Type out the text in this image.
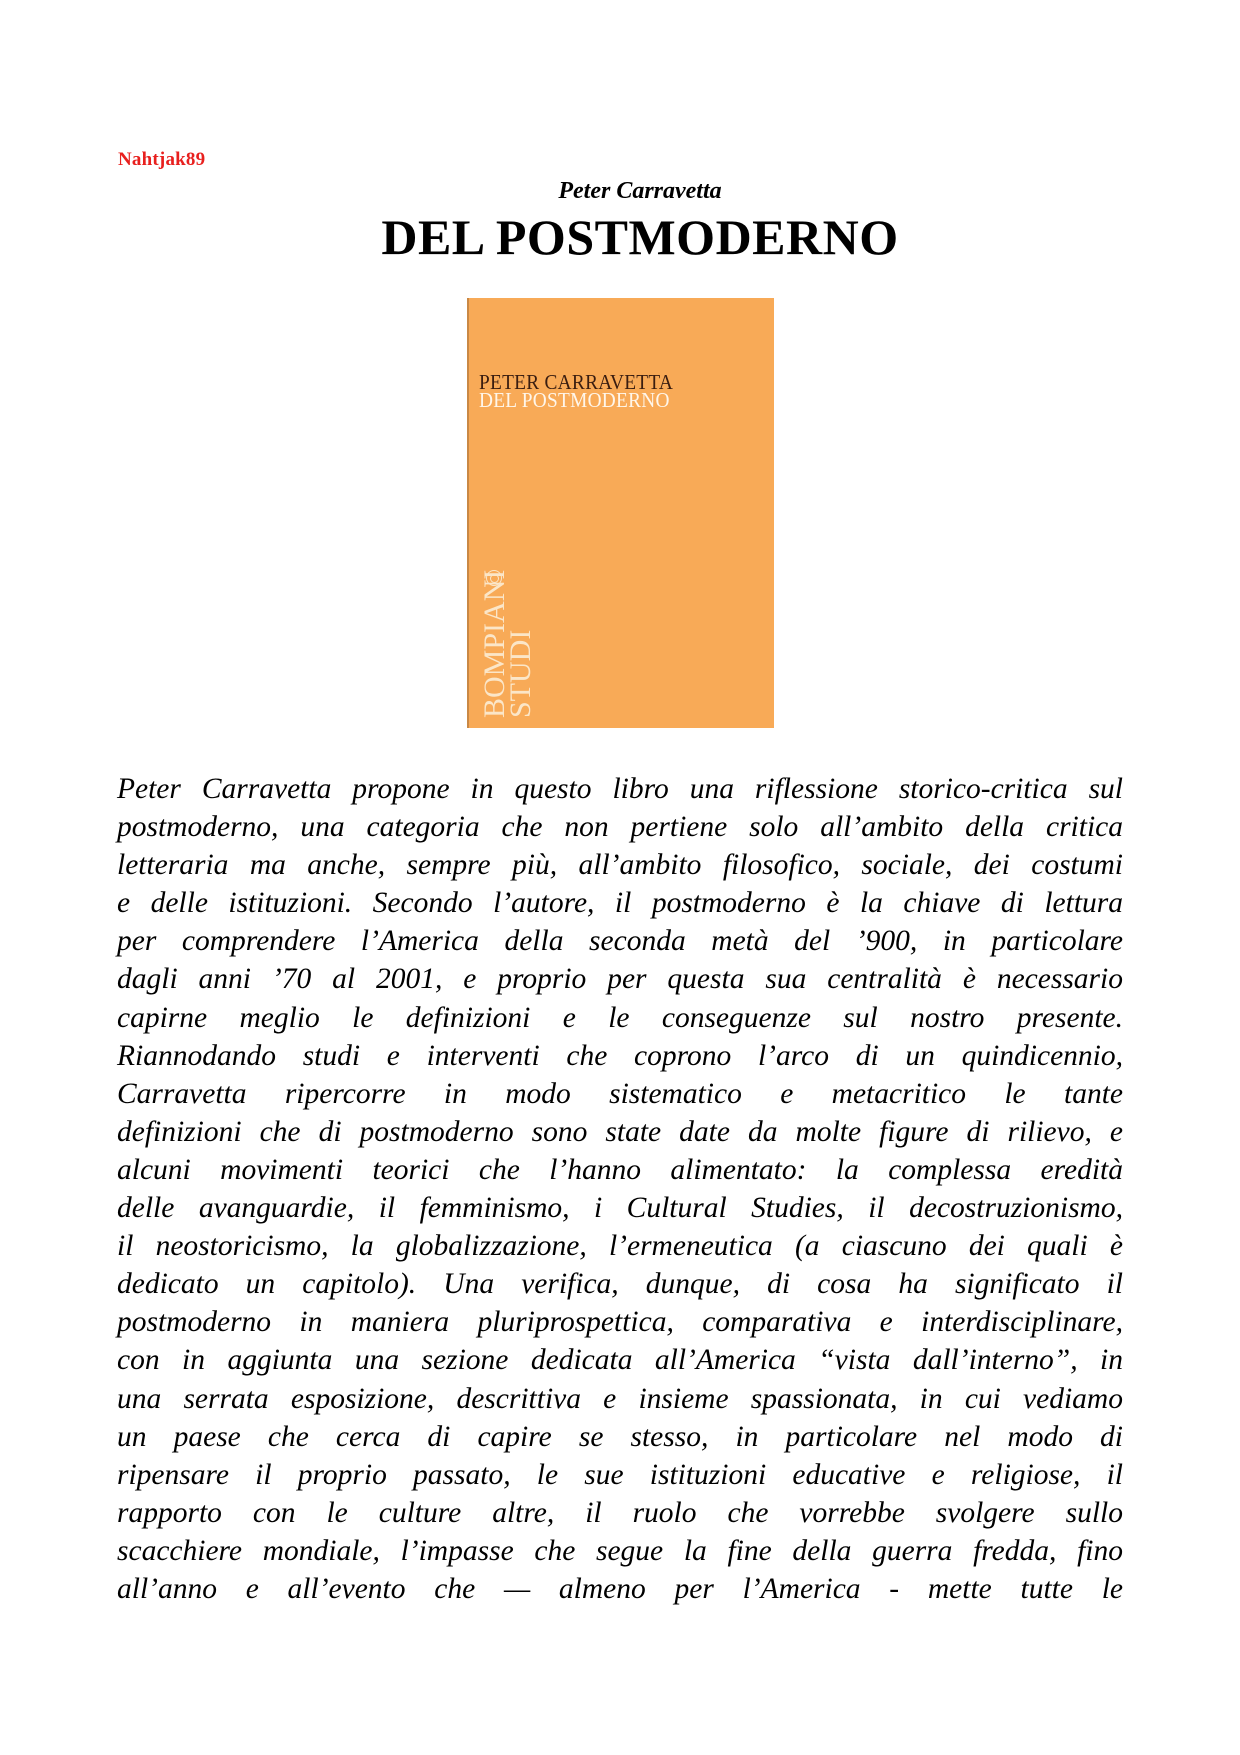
Nahtjak89
Peter Carravetta
DEL POSTMODERNO
PETER CARRAVETTA
DEL POSTMODERNO
BOMPIANI
STUDI
Peter Carravetta propone in questo libro una riflessione storico-critica sul
postmoderno, una categoria che non pertiene solo all’ambito della critica
letteraria ma anche, sempre più, all’ambito filosofico, sociale, dei costumi
e delle istituzioni. Secondo l’autore, il postmoderno è la chiave di lettura
per comprendere l’America della seconda metà del ’900, in particolare
dagli anni ’70 al 2001, e proprio per questa sua centralità è necessario
capirne meglio le definizioni e le conseguenze sul nostro presente.
Riannodando studi e interventi che coprono l’arco di un quindicennio,
Carravetta ripercorre in modo sistematico e metacritico le tante
definizioni che di postmoderno sono state date da molte figure di rilievo, e
alcuni movimenti teorici che l’hanno alimentato: la complessa eredità
delle avanguardie, il femminismo, i Cultural Studies, il decostruzionismo,
il neostoricismo, la globalizzazione, l’ermeneutica (a ciascuno dei quali è
dedicato un capitolo). Una verifica, dunque, di cosa ha significato il
postmoderno in maniera pluriprospettica, comparativa e interdisciplinare,
con in aggiunta una sezione dedicata all’America “vista dall’interno”, in
una serrata esposizione, descrittiva e insieme spassionata, in cui vediamo
un paese che cerca di capire se stesso, in particolare nel modo di
ripensare il proprio passato, le sue istituzioni educative e religiose, il
rapporto con le culture altre, il ruolo che vorrebbe svolgere sullo
scacchiere mondiale, l’impasse che segue la fine della guerra fredda, fino
all’anno e all’evento che — almeno per l’America - mette tutte le
